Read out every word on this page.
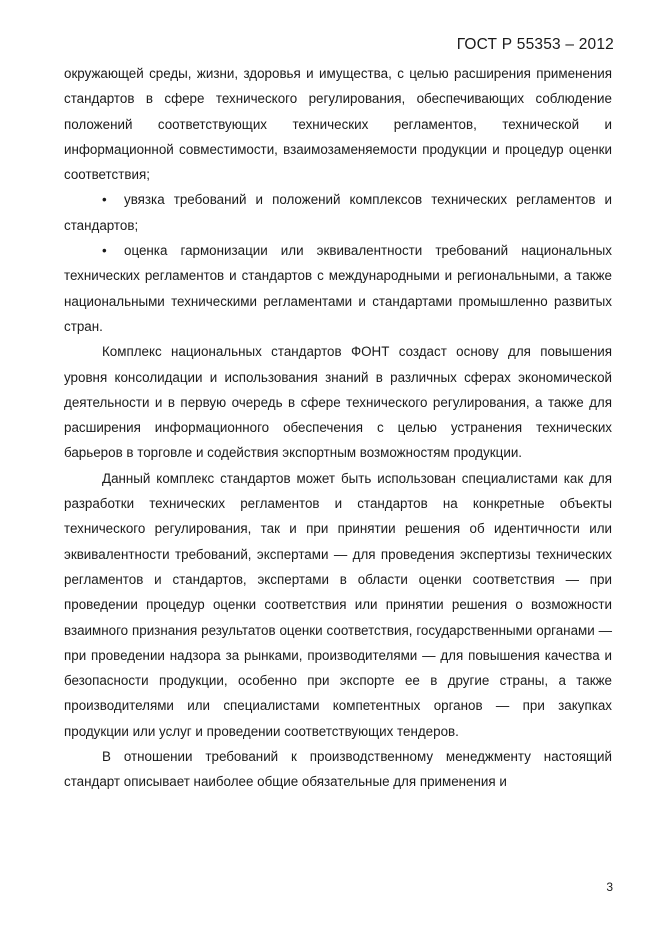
ГОСТ Р 55353 – 2012

окружающей среды, жизни, здоровья и имущества, с целью расширения применения стандартов в сфере технического регулирования, обеспечивающих соблюдение положений соответствующих технических регламентов, технической и информационной совместимости, взаимозаменяемости продукции и процедур оценки соответствия;

• увязка требований и положений комплексов технических регламентов и стандартов;

• оценка гармонизации или эквивалентности требований национальных технических регламентов и стандартов с международными и региональными, а также национальными техническими регламентами и стандартами промышленно развитых стран.

Комплекс национальных стандартов ФОНТ создаст основу для повышения уровня консолидации и использования знаний в различных сферах экономической деятельности и в первую очередь в сфере технического регулирования, а также для расширения информационного обеспечения с целью устранения технических барьеров в торговле и содействия экспортным возможностям продукции.

Данный комплекс стандартов может быть использован специалистами как для разработки технических регламентов и стандартов на конкретные объекты технического регулирования, так и при принятии решения об идентичности или эквивалентности требований, экспертами — для проведения экспертизы технических регламентов и стандартов, экспертами в области оценки соответствия — при проведении процедур оценки соответствия или принятии решения о возможности взаимного признания результатов оценки соответствия, государственными органами — при проведении надзора за рынками, производителями — для повышения качества и безопасности продукции, особенно при экспорте ее в другие страны, а также производителями или специалистами компетентных органов — при закупках продукции или услуг и проведении соответствующих тендеров.

В отношении требований к производственному менеджменту настоящий стандарт описывает наиболее общие обязательные для применения и

3
